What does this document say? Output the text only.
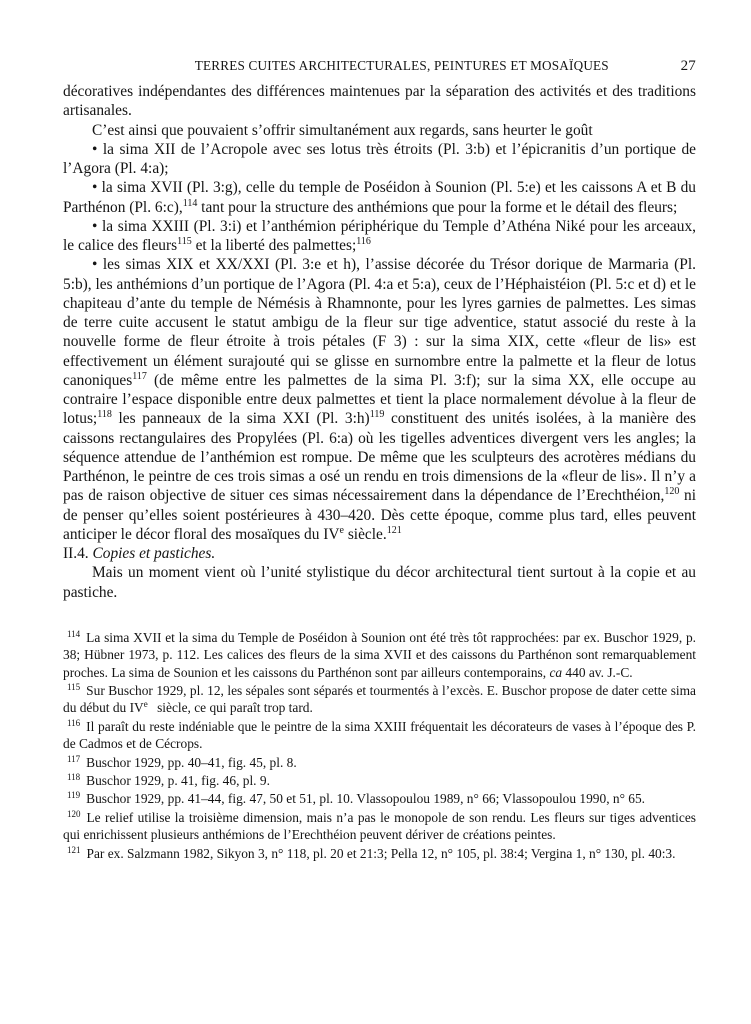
TERRES CUITES ARCHITECTURALES, PEINTURES ET MOSAÏQUES	27

décoratives indépendantes des différences maintenues par la séparation des activités et des traditions artisanales.

C’est ainsi que pouvaient s’offrir simultanément aux regards, sans heurter le goût

• la sima XII de l’Acropole avec ses lotus très étroits (Pl. 3:b) et l’épicranitis d’un portique de l’Agora (Pl. 4:a);

• la sima XVII (Pl. 3:g), celle du temple de Poséidon à Sounion (Pl. 5:e) et les caissons A et B du Parthénon (Pl. 6:c),$^{114}$ tant pour la structure des anthémions que pour la forme et le détail des fleurs;

• la sima XXIII (Pl. 3:i) et l’anthémion périphérique du Temple d’Athéna Niké pour les arceaux, le calice des fleurs$^{115}$ et la liberté des palmettes;$^{116}$

• les simas XIX et XX/XXI (Pl. 3:e et h), l’assise décorée du Trésor dorique de Marmaria (Pl. 5:b), les anthémions d’un portique de l’Agora (Pl. 4:a et 5:a), ceux de l’Héphaistéion (Pl. 5:c et d) et le chapiteau d’ante du temple de Némésis à Rhamnonte, pour les lyres garnies de palmettes. Les simas de terre cuite accusent le statut ambigu de la fleur sur tige adventice, statut associé du reste à la nouvelle forme de fleur étroite à trois pétales (F 3) : sur la sima XIX, cette «fleur de lis» est effectivement un élément surajouté qui se glisse en surnombre entre la palmette et la fleur de lotus canoniques$^{117}$ (de même entre les palmettes de la sima Pl. 3:f); sur la sima XX, elle occupe au contraire l’espace disponible entre deux palmettes et tient la place normalement dévolue à la fleur de lotus;$^{118}$ les panneaux de la sima XXI (Pl. 3:h)$^{119}$ constituent des unités isolées, à la manière des caissons rectangulaires des Propylées (Pl. 6:a) où les tigelles adventices divergent vers les angles; la séquence attendue de l’anthémion est rompue. De même que les sculpteurs des acrotères médians du Parthénon, le peintre de ces trois simas a osé un rendu en trois dimensions de la «fleur de lis». Il n’y a pas de raison objective de situer ces simas nécessairement dans la dépendance de l’Erechthéion,$^{120}$ ni de penser qu’elles soient postérieures à 430–420. Dès cette époque, comme plus tard, elles peuvent anticiper le décor floral des mosaïques du IVe siècle.$^{121}$

II.4. Copies et pastiches.

Mais un moment vient où l’unité stylistique du décor architectural tient surtout à la copie et au pastiche.

$^{114}$ La sima XVII et la sima du Temple de Poséidon à Sounion ont été très tôt rapprochées: par ex. Buschor 1929, p. 38; Hübner 1973, p. 112. Les calices des fleurs de la sima XVII et des caissons du Parthénon sont remarquablement proches. La sima de Sounion et les caissons du Parthénon sont par ailleurs contemporains, ca 440 av. J.-C.

$^{115}$ Sur Buschor 1929, pl. 12, les sépales sont séparés et tourmentés à l’excès. E. Buschor propose de dater cette sima du début du IVe siècle, ce qui paraît trop tard.

$^{116}$ Il paraît du reste indéniable que le peintre de la sima XXIII fréquentait les décorateurs de vases à l’époque des P. de Cadmos et de Cécrops.

$^{117}$ Buschor 1929, pp. 40–41, fig. 45, pl. 8.

$^{118}$ Buschor 1929, p. 41, fig. 46, pl. 9.

$^{119}$ Buschor 1929, pp. 41–44, fig. 47, 50 et 51, pl. 10. Vlassopoulou 1989, n° 66; Vlassopoulou 1990, n° 65.

$^{120}$ Le relief utilise la troisième dimension, mais n’a pas le monopole de son rendu. Les fleurs sur tiges adventices qui enrichissent plusieurs anthémions de l’Erechthéion peuvent dériver de créations peintes.

$^{121}$ Par ex. Salzmann 1982, Sikyon 3, n° 118, pl. 20 et 21:3; Pella 12, n° 105, pl. 38:4; Vergina 1, n° 130, pl. 40:3.
